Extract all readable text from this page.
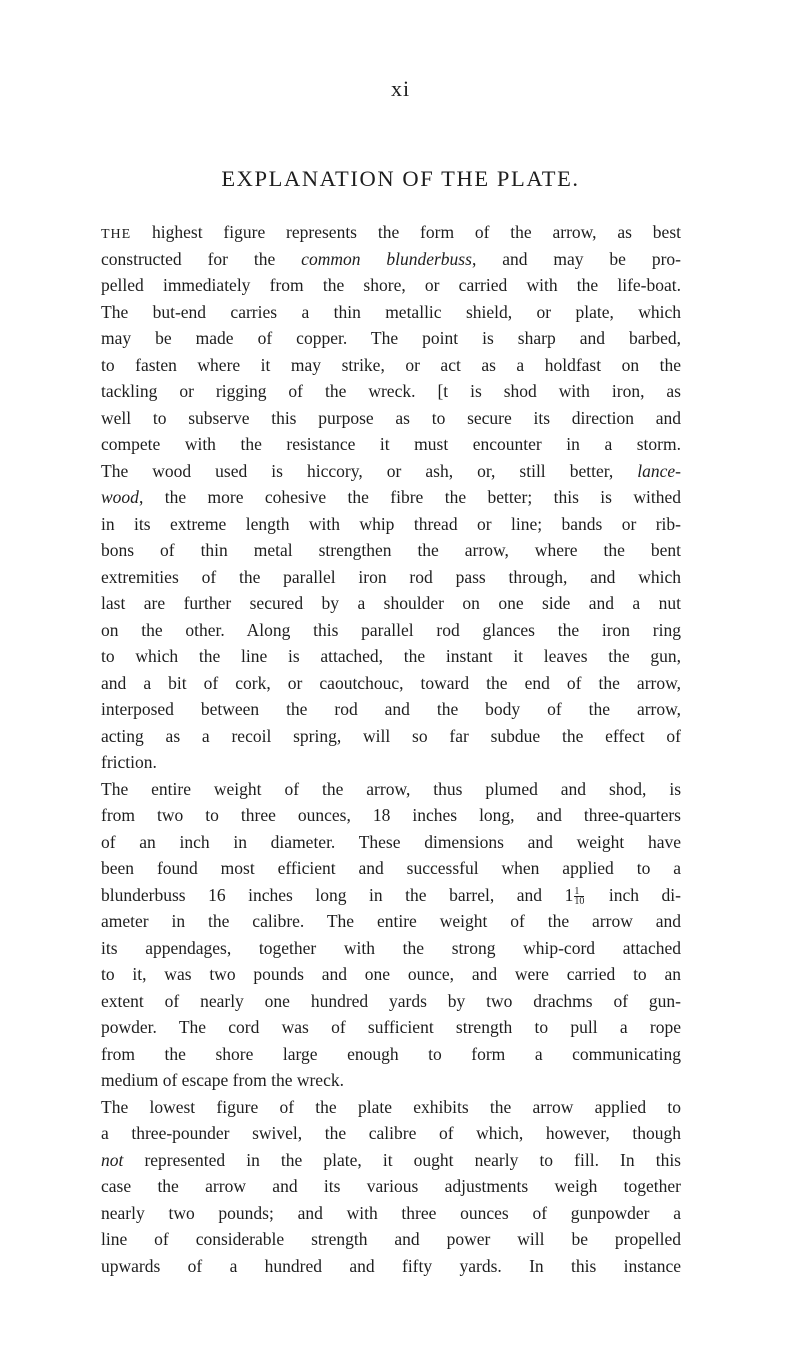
xi
EXPLANATION OF THE PLATE.
THE highest figure represents the form of the arrow, as best
constructed for the common blunderbuss, and may be pro-
pelled immediately from the shore, or carried with the life-boat.
The but-end carries a thin metallic shield, or plate, which
may be made of copper. The point is sharp and barbed,
to fasten where it may strike, or act as a holdfast on the
tackling or rigging of the wreck. [t is shod with iron, as
well to subserve this purpose as to secure its direction and
compete with the resistance it must encounter in a storm.
The wood used is hiccory, or ash, or, still better, lance-
wood, the more cohesive the fibre the better; this is withed
in its extreme length with whip thread or line; bands or rib-
bons of thin metal strengthen the arrow, where the bent
extremities of the parallel iron rod pass through, and which
last are further secured by a shoulder on one side and a nut
on the other. Along this parallel rod glances the iron ring
to which the line is attached, the instant it leaves the gun,
and a bit of cork, or caoutchouc, toward the end of the arrow,
interposed between the rod and the body of the arrow,
acting as a recoil spring, will so far subdue the effect of
friction.
The entire weight of the arrow, thus plumed and shod, is
from two to three ounces, 18 inches long, and three-quarters
of an inch in diameter. These dimensions and weight have
been found most efficient and successful when applied to a
blunderbuss 16 inches long in the barrel, and $1 \frac{1}{10}$ inch di-
ameter in the calibre. The entire weight of the arrow and
its appendages, together with the strong whip-cord attached
to it, was two pounds and one ounce, and were carried to an
extent of nearly one hundred yards by two drachms of gun-
powder. The cord was of sufficient strength to pull a rope
from the shore large enough to form a communicating
medium of escape from the wreck.
The lowest figure of the plate exhibits the arrow applied to
a three-pounder swivel, the calibre of which, however, though
not represented in the plate, it ought nearly to fill. In this
case the arrow and its various adjustments weigh together
nearly two pounds; and with three ounces of gunpowder a
line of considerable strength and power will be propelled
upwards of a hundred and fifty yards. In this instance
